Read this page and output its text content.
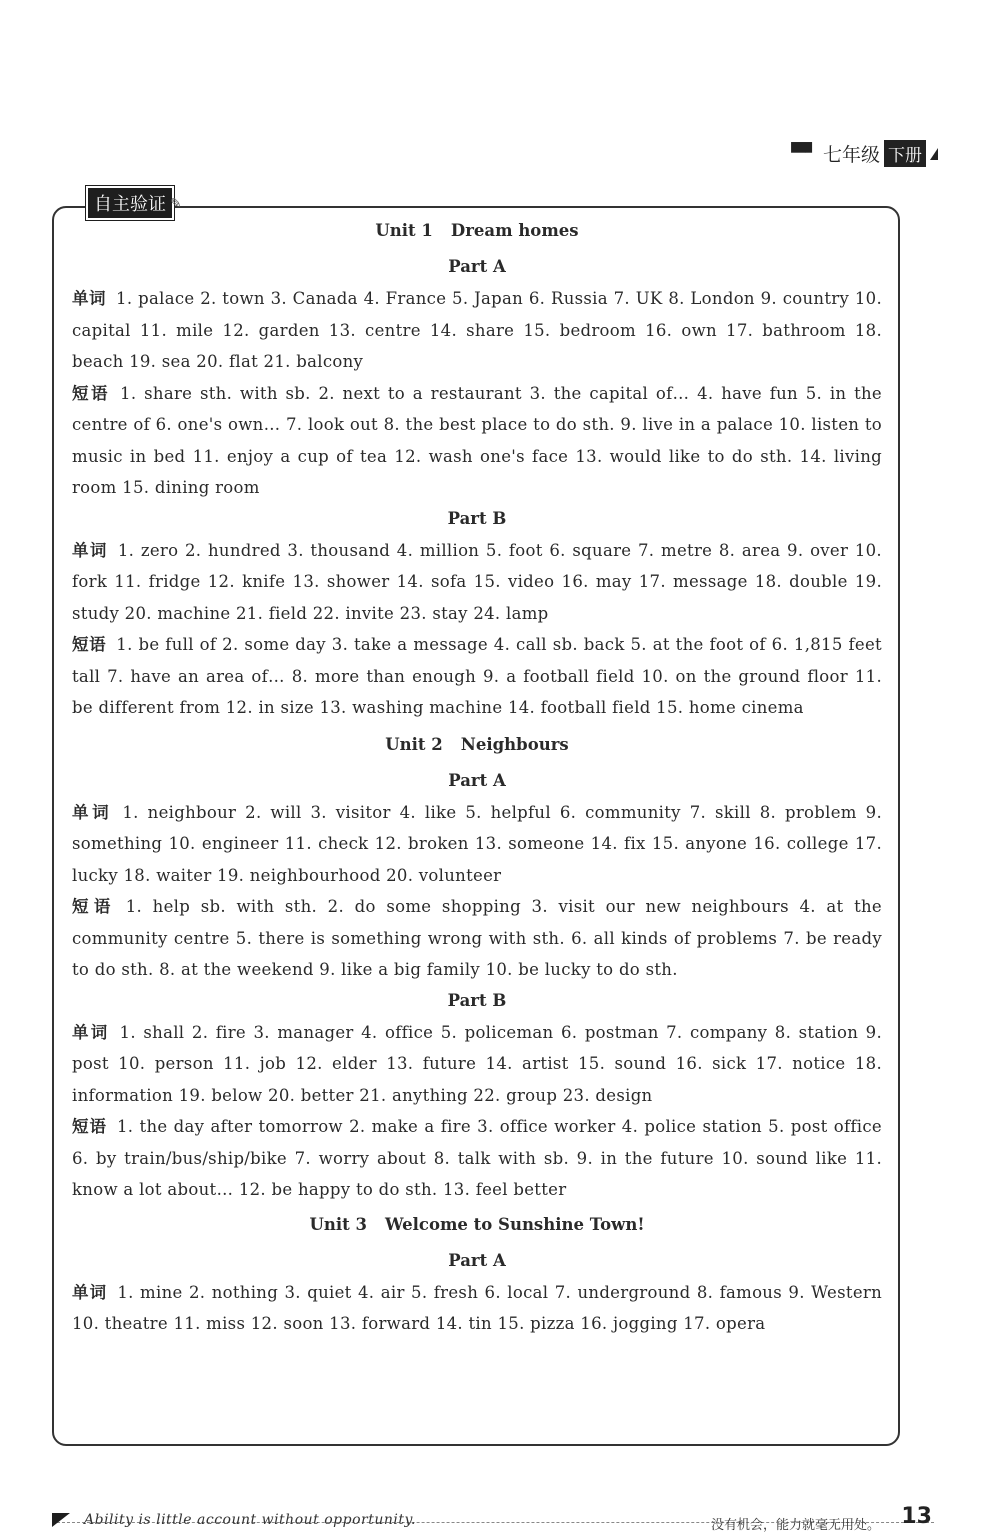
▀▘ 七年级 下册
自主验证 ✎
Unit 1 Dream homes
Part A
单词 1. palace 2. town 3. Canada 4. France 5. Japan 6. Russia 7. UK 8. London 9. country 10. capital 11. mile 12. garden 13. centre 14. share 15. bedroom 16. own 17. bathroom 18. beach 19. sea 20. flat 21. balcony
短语 1. share sth. with sb. 2. next to a restaurant 3. the capital of… 4. have fun 5. in the centre of 6. one's own… 7. look out 8. the best place to do sth. 9. live in a palace 10. listen to music in bed 11. enjoy a cup of tea 12. wash one's face 13. would like to do sth. 14. living room 15. dining room
Part B
单词 1. zero 2. hundred 3. thousand 4. million 5. foot 6. square 7. metre 8. area 9. over 10. fork 11. fridge 12. knife 13. shower 14. sofa 15. video 16. may 17. message 18. double 19. study 20. machine 21. field 22. invite 23. stay 24. lamp
短语 1. be full of 2. some day 3. take a message 4. call sb. back 5. at the foot of 6. 1,815 feet tall 7. have an area of… 8. more than enough 9. a football field 10. on the ground floor 11. be different from 12. in size 13. washing machine 14. football field 15. home cinema
Unit 2 Neighbours
Part A
单词 1. neighbour 2. will 3. visitor 4. like 5. helpful 6. community 7. skill 8. problem 9. something 10. engineer 11. check 12. broken 13. someone 14. fix 15. anyone 16. college 17. lucky 18. waiter 19. neighbourhood 20. volunteer
短语 1. help sb. with sth. 2. do some shopping 3. visit our new neighbours 4. at the community centre 5. there is something wrong with sth. 6. all kinds of problems 7. be ready to do sth. 8. at the weekend 9. like a big family 10. be lucky to do sth.
Part B
单词 1. shall 2. fire 3. manager 4. office 5. policeman 6. postman 7. company 8. station 9. post 10. person 11. job 12. elder 13. future 14. artist 15. sound 16. sick 17. notice 18. information 19. below 20. better 21. anything 22. group 23. design
短语 1. the day after tomorrow 2. make a fire 3. office worker 4. police station 5. post office 6. by train/bus/ship/bike 7. worry about 8. talk with sb. 9. in the future 10. sound like 11. know a lot about… 12. be happy to do sth. 13. feel better
Unit 3 Welcome to Sunshine Town!
Part A
单词 1. mine 2. nothing 3. quiet 4. air 5. fresh 6. local 7. underground 8. famous 9. Western 10. theatre 11. miss 12. soon 13. forward 14. tin 15. pizza 16. jogging 17. opera
Ability is little account without opportunity.	没有机会，能力就毫无用处。 13
